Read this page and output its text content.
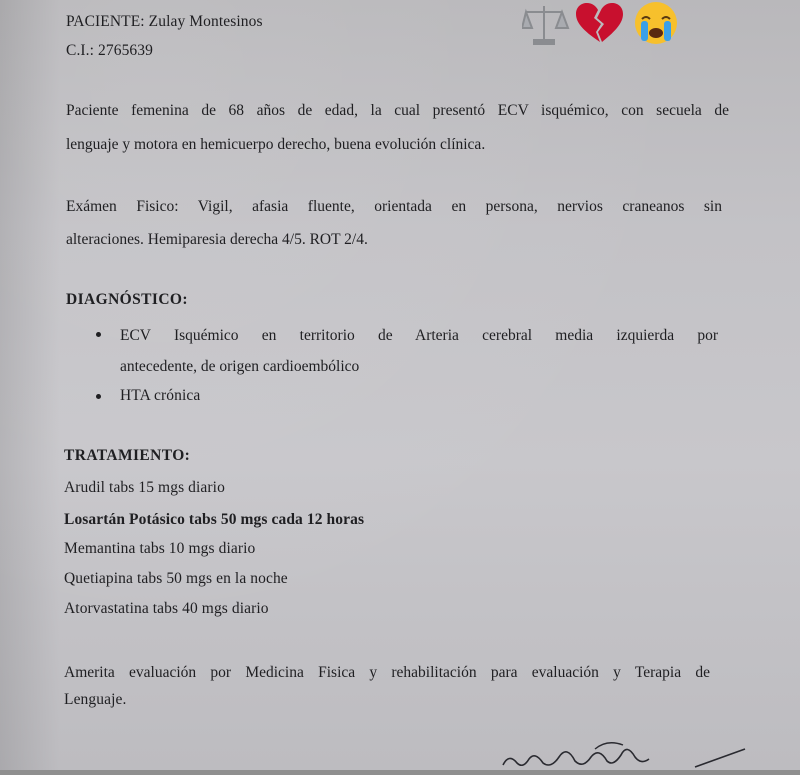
PACIENTE: Zulay Montesinos
C.I.: 2765639
Paciente femenina de 68 años de edad, la cual presentó ECV isquémico, con secuela de
lenguaje y motora en hemicuerpo derecho, buena evolución clínica.
Exámen Fisico: Vigil, afasia fluente, orientada en persona, nervios craneanos sin
alteraciones. Hemiparesia derecha 4/5. ROT 2/4.
DIAGNÓSTICO:
ECV Isquémico en territorio de Arteria cerebral media izquierda por
antecedente, de origen cardioembólico
HTA crónica
TRATAMIENTO:
Arudil tabs 15 mgs diario
Losartán Potásico tabs 50 mgs cada 12 horas
Memantina tabs 10 mgs diario
Quetiapina tabs 50 mgs en la noche
Atorvastatina tabs 40 mgs diario
Amerita evaluación por Medicina Fisica y rehabilitación para evaluación y Terapia de
Lenguaje.
